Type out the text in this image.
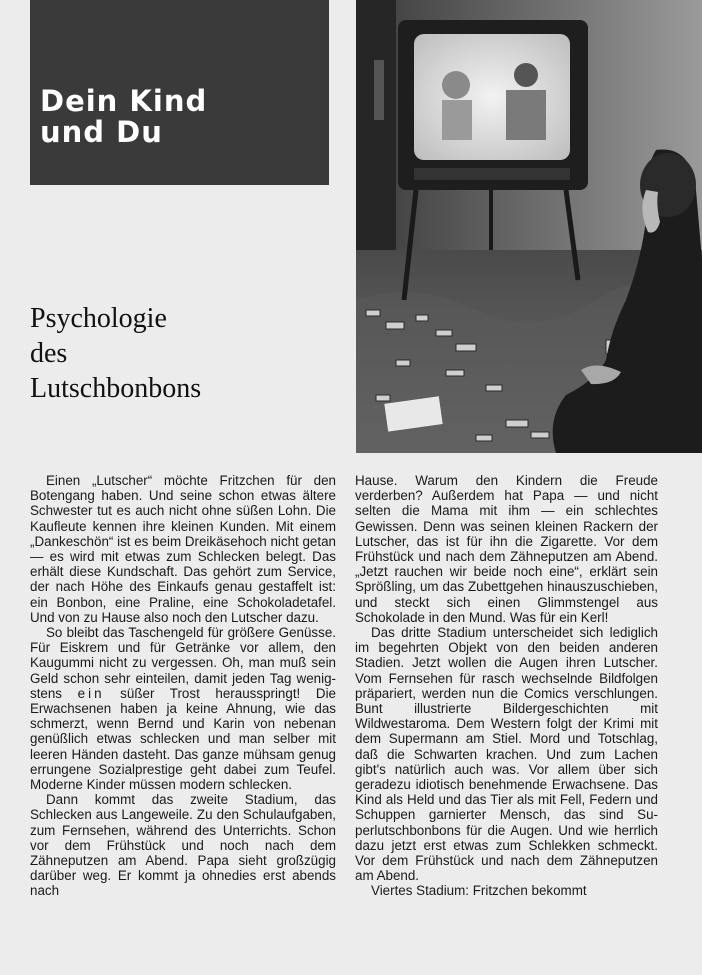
Dein Kind
und Du
Psychologie
des
Lutschbonbons

Einen „Lutscher“ möchte Fritzchen für den Botengang haben. Und seine schon etwas ältere Schwester tut es auch nicht ohne süßen Lohn. Die Kaufleute kennen ihre kleinen Kunden. Mit einem „Dankeschön“ ist es beim Dreikäsehoch nicht getan — es wird mit etwas zum Schlecken belegt. Das erhält diese Kundschaft. Das gehört zum Service, der nach Höhe des Einkaufs genau gestaffelt ist: ein Bonbon, eine Praline, eine Schokoladetafel. Und von zu Hause also noch den Lutscher dazu.

So bleibt das Taschengeld für größere Genüsse. Für Eiskrem und für Getränke vor allem, den Kaugummi nicht zu vergessen. Oh, man muß sein Geld schon sehr einteilen, damit jeden Tag wenigstens ein süßer Trost herausspringt! Die Erwachsenen haben ja keine Ahnung, wie das schmerzt, wenn Bernd und Karin von nebenan genüßlich etwas schlecken und man selber mit leeren Händen dasteht. Das ganze mühsam genug errungene Sozialprestige geht dabei zum Teufel. Moderne Kinder müssen modern schlecken.

Dann kommt das zweite Stadium, das Schlecken aus Langeweile. Zu den Schulaufgaben, zum Fernsehen, während des Unterrichts. Schon vor dem Frühstück und noch nach dem Zähneputzen am Abend. Papa sieht großzügig darüber weg. Er kommt ja ohnedies erst abends nach

Hause. Warum den Kindern die Freude verderben? Außerdem hat Papa — und nicht selten die Mama mit ihm — ein schlechtes Gewissen. Denn was seinen kleinen Rackern der Lutscher, das ist für ihn die Zigarette. Vor dem Frühstück und nach dem Zähneputzen am Abend. „Jetzt rauchen wir beide noch eine“, erklärt sein Sprößling, um das Zubettgehen hinauszuschieben, und steckt sich einen Glimmstengel aus Schokolade in den Mund. Was für ein Kerl!

Das dritte Stadium unterscheidet sich lediglich im begehrten Objekt von den beiden anderen Stadien. Jetzt wollen die Augen ihren Lutscher. Vom Fernsehen für rasch wechselnde Bildfolgen präpariert, werden nun die Comics verschlungen. Bunt illustrierte Bildergeschichten mit Wildwestaroma. Dem Western folgt der Krimi mit dem Supermann am Stiel. Mord und Totschlag, daß die Schwarten krachen. Und zum Lachen gibt's natürlich auch was. Vor allem über sich geradezu idiotisch benehmende Erwachsene. Das Kind als Held und das Tier als mit Fell, Federn und Schuppen garnierter Mensch, das sind Superlutschbonbons für die Augen. Und wie herrlich dazu jetzt erst etwas zum Schlekken schmeckt. Vor dem Frühstück und nach dem Zähneputzen am Abend.

Viertes Stadium: Fritzchen bekommt
